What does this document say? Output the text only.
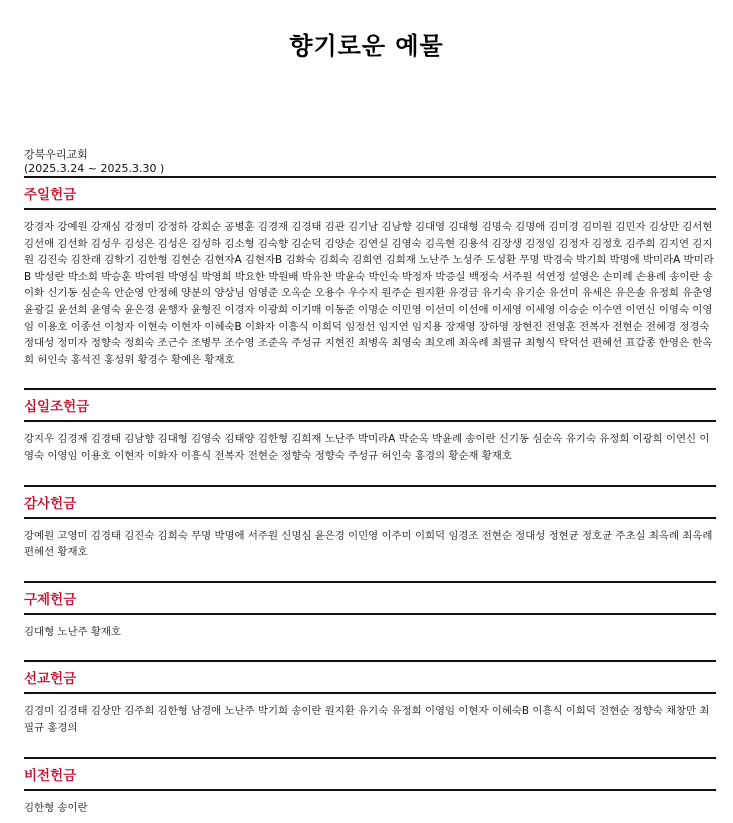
향기로운 예물
강북우리교회
(2025.3.24 ~ 2025.3.30 )
주일헌금
강경자 강예원 강재심 강정미 강정하 강희순 공병훈 김경재 김경태 김관 김기남 김남향 김대영 김대형 김명숙 김명애 김미경 김미원 김민자 김상만 김서현 김선애 김선화 김성우 김성은 김성은 김성하 김소형 김숙향 김순덕 김양순 김연실 김영숙 김옥현 김용석 김장생 김정임 김정자 김정호 김주희 김지연 김지원 김진숙 김찬래 김학기 김한형 김현순 김현자A 김현자B 김화숙 김희숙 김희연 김희재 노난주 노성주 도성환 무명 박경숙 박기희 박명애 박미라A 박미라B 박성란 박소희 박승훈 박여원 박영심 박영희 박요한 박원배 박유찬 박윤숙 박인숙 박정자 박증실 백정숙 서주원 석연정 설영은 손미례 손용례 송이란 송이화 신기동 심순옥 안순영 안정혜 양분의 양상님 엄영준 오옥순 오용수 우수지 원주순 원지환 유경금 유기숙 유기순 유선미 유세은 유은솔 유정희 유춘영 윤광길 윤선희 윤영숙 윤은경 윤행자 윤형진 이경자 이광희 이기매 이동준 이명순 이민영 이선미 이선애 이세영 이세영 이승순 이수연 이연신 이영숙 이영임 이용호 이종선 이청자 이현숙 이현자 이혜숙B 이화자 이흥식 이희덕 임정선 임지연 임지용 장재영 장하영 장현진 전영훈 전복자 전현순 전혜경 정경숙 정대성 정미자 정향숙 정희숙 조근수 조병무 조수영 조준옥 주성규 지현진 최병옥 최영숙 최오례 최옥례 최필규 최형식 탁덕선 편혜선 표갑종 한영은 한옥희 허인숙 홍석진 홍성위 황경수 황예은 황재호
십일조헌금
강지우 김경재 김경태 김남향 김대형 김영숙 김태양 김한형 김희재 노난주 박미라A 박순옥 박윤례 송이란 신기동 심순옥 유기숙 유정희 이광희 이연신 이영숙 이영임 이용호 이현자 이화자 이흥식 전복자 전현순 정향숙 정향숙 주성규 허인숙 홍경의 황순재 황재호
감사헌금
강예원 고영미 김경태 김진숙 김희숙 무명 박명애 서주원 신명심 윤은경 이민영 이주미 이희덕 임경조 전현순 정대성 정현균 정호균 주초실 최옥례 최옥례 편혜선 황재호
구제헌금
김대형 노난주 황재호
선교헌금
김경미 김경태 김상만 김주희 김한형 남경애 노난주 박기희 송이란 원지환 유기숙 유정희 이영임 이현자 이혜숙B 이흥식 이희덕 전현순 정향숙 채창만 최필규 홍경의
비전헌금
김한형 송이란
